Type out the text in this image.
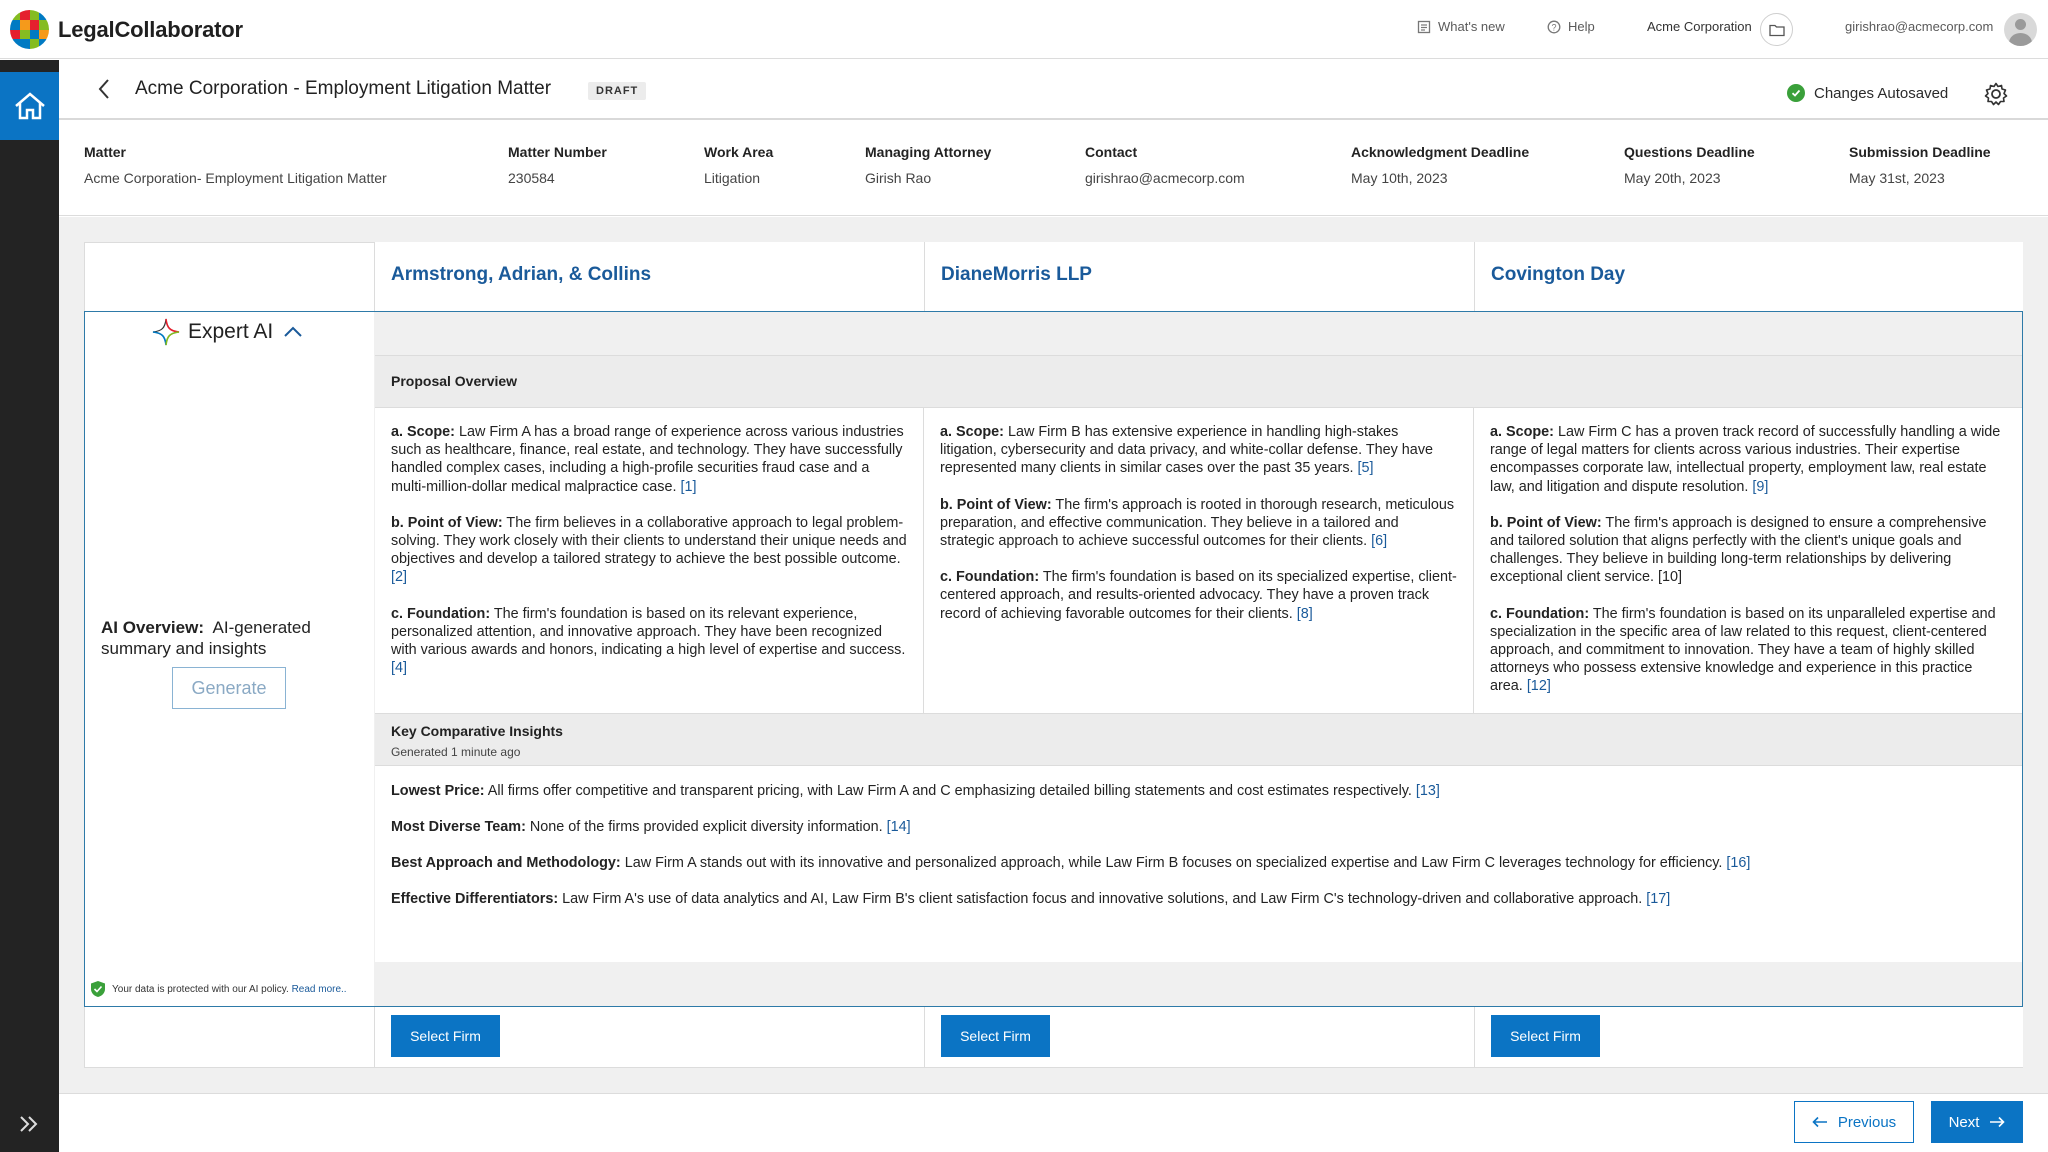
LegalCollaborator	What's new	? Help	Acme Corporation	girishrao@acmecorp.com
Acme Corporation - Employment Litigation Matter	DRAFT	Changes Autosaved
Matter
Acme Corporation- Employment Litigation Matter
Matter Number
230584
Work Area
Litigation
Managing Attorney
Girish Rao
Contact
girishrao@acmecorp.com
Acknowledgment Deadline
May 10th, 2023
Questions Deadline
May 20th, 2023
Submission Deadline
May 31st, 2023
Armstrong, Adrian, & Collins	DianeMorris LLP	Covington Day
Expert AI
AI Overview: AI-generated summary and insights
Generate
Your data is protected with our AI policy.
Read more..
Proposal Overview

a. Scope: Law Firm A has a broad range of experience across various industries such as healthcare, finance, real estate, and technology. They have successfully handled complex cases, including a high-profile securities fraud case and a multi-million-dollar medical malpractice case. [1]

b. Point of View: The firm believes in a collaborative approach to legal problem-solving. They work closely with their clients to understand their unique needs and objectives and develop a tailored strategy to achieve the best possible outcome. [2]

c. Foundation: The firm's foundation is based on its relevant experience, personalized attention, and innovative approach. They have been recognized with various awards and honors, indicating a high level of expertise and success. [4]

a. Scope: Law Firm B has extensive experience in handling high-stakes litigation, cybersecurity and data privacy, and white-collar defense. They have represented many clients in similar cases over the past 35 years. [5]

b. Point of View: The firm's approach is rooted in thorough research, meticulous preparation, and effective communication. They believe in a tailored and strategic approach to achieve successful outcomes for their clients. [6]

c. Foundation: The firm's foundation is based on its specialized expertise, client-centered approach, and results-oriented advocacy. They have a proven track record of achieving favorable outcomes for their clients. [8]

a. Scope: Law Firm C has a proven track record of successfully handling a wide range of legal matters for clients across various industries. Their expertise encompasses corporate law, intellectual property, employment law, real estate law, and litigation and dispute resolution. [9]

b. Point of View: The firm's approach is designed to ensure a comprehensive and tailored solution that aligns perfectly with the client's unique goals and challenges. They believe in building long-term relationships by delivering exceptional client service. [10]

c. Foundation: The firm's foundation is based on its unparalleled expertise and specialization in the specific area of law related to this request, client-centered approach, and commitment to innovation. They have a team of highly skilled attorneys who possess extensive knowledge and experience in this practice area. [12]

Key Comparative Insights
Generated 1 minute ago

Lowest Price: All firms offer competitive and transparent pricing, with Law Firm A and C emphasizing detailed billing statements and cost estimates respectively. [13]

Most Diverse Team: None of the firms provided explicit diversity information. [14]

Best Approach and Methodology: Law Firm A stands out with its innovative and personalized approach, while Law Firm B focuses on specialized expertise and Law Firm C leverages technology for efficiency. [16]

Effective Differentiators: Law Firm A's use of data analytics and AI, Law Firm B's client satisfaction focus and innovative solutions, and Law Firm C's technology-driven and collaborative approach. [17]

Select Firm	Select Firm	Select Firm
Previous	Next
